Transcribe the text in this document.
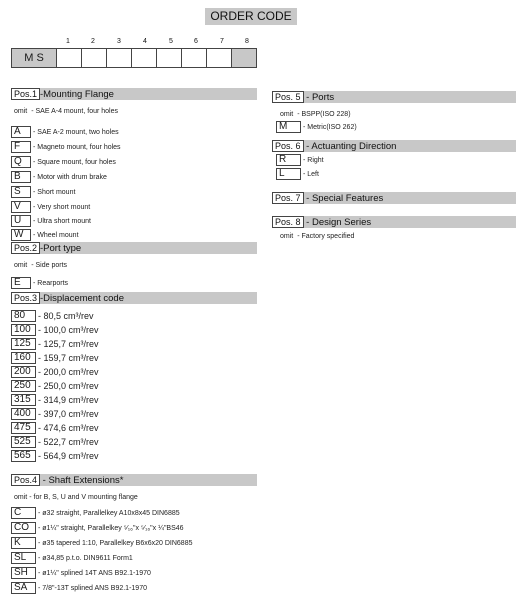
ORDER CODE
1	2	3	4	5	6	7	8
M S
Pos.1 -Mounting Flange
omit - SAE A-4 mount, four holes
A	- SAE A-2 mount, two holes
F	- Magneto mount, four holes
Q	- Square mount, four holes
B	- Motor with drum brake
S	- Short mount
V	- Very short mount
U	- Ultra short mount
W	- Wheel mount
Pos.2 -Port type
omit - Side ports
E	- Rearports
Pos.3 -Displacement code
80	- 80,5 cm³/rev
100 - 100,0 cm³/rev
125 - 125,7 cm³/rev
160 - 159,7 cm³/rev
200 - 200,0 cm³/rev
250 - 250,0 cm³/rev
315 - 314,9 cm³/rev
400 - 397,0 cm³/rev
475 - 474,6 cm³/rev
525 - 522,7 cm³/rev
565 - 564,9 cm³/rev
Pos.4 - Shaft Extensions*
omit - for B, S, U and V mounting flange
C	- ø32 straight, Parallelkey A10x8x45 DIN6885
CO	- ø1¼" straight, Parallelkey ⁵⁄₁₆"x ⁵⁄₁₆"x ¼"BS46
K	- ø35 tapered 1:10, Parallelkey B6x6x20 DIN6885
SL	- ø34,85 p.t.o. DIN9611 Form1
SH	- ø1¼" splined 14T ANS B92.1-1970
SA	- 7/8"-13T splined ANS B92.1-1970
Pos. 5 - Ports
omit - BSPP(ISO 228)
M	- Metric(ISO 262)
Pos. 6 - Actuanting Direction
R	- Right
L	- Left
Pos. 7 - Special Features
Pos. 8 - Design Series
omit - Factory specified
